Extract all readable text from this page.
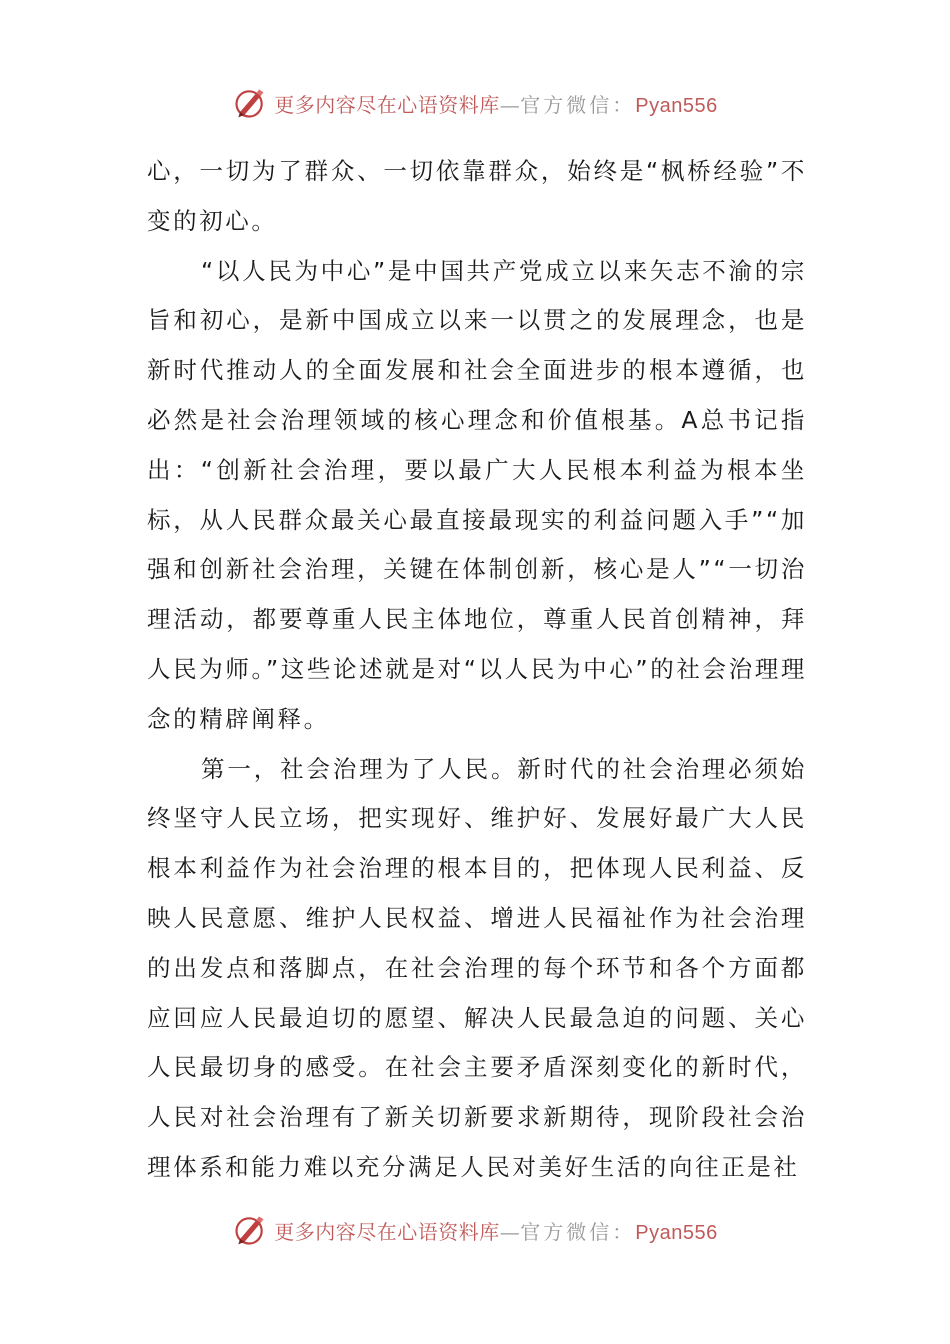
更多内容尽在心语资料库—官方微信：Pyan556

心，一切为了群众、一切依靠群众，始终是“枫桥经验”不变的初心。

“以人民为中心”是中国共产党成立以来矢志不渝的宗旨和初心，是新中国成立以来一以贯之的发展理念，也是新时代推动人的全面发展和社会全面进步的根本遵循，也必然是社会治理领域的核心理念和价值根基。A总书记指出：“创新社会治理，要以最广大人民根本利益为根本坐标，从人民群众最关心最直接最现实的利益问题入手”“加强和创新社会治理，关键在体制创新，核心是人”“一切治理活动，都要尊重人民主体地位，尊重人民首创精神，拜人民为师。”这些论述就是对“以人民为中心”的社会治理理念的精辟阐释。

第一，社会治理为了人民。新时代的社会治理必须始终坚守人民立场，把实现好、维护好、发展好最广大人民根本利益作为社会治理的根本目的，把体现人民利益、反映人民意愿、维护人民权益、增进人民福祉作为社会治理的出发点和落脚点，在社会治理的每个环节和各个方面都应回应人民最迫切的愿望、解决人民最急迫的问题、关心人民最切身的感受。在社会主要矛盾深刻变化的新时代，人民对社会治理有了新关切新要求新期待，现阶段社会治理体系和能力难以充分满足人民对美好生活的向往正是社

更多内容尽在心语资料库—官方微信：Pyan556
